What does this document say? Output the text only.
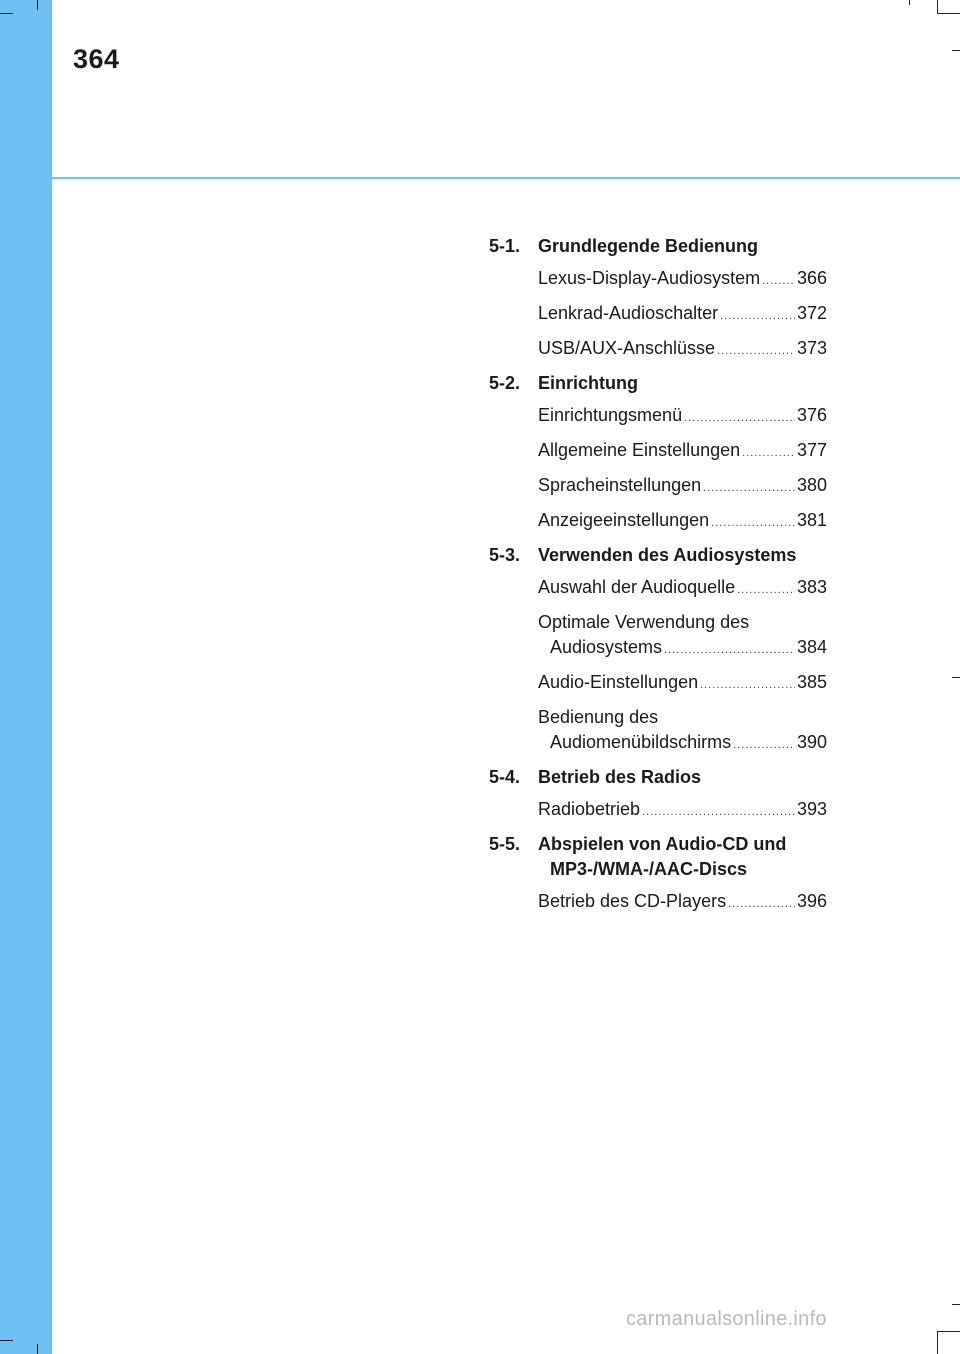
364
5-1. Grundlegende Bedienung
Lexus-Display-Audiosystem ..... 366
Lenkrad-Audioschalter .....	372
USB/AUX-Anschlüsse .....	373
5-2. Einrichtung
Einrichtungsmenü .....	376
Allgemeine Einstellungen .....	377
Spracheinstellungen .....	380
Anzeigeeinstellungen .....	381
5-3. Verwenden des Audiosystems
Auswahl der Audioquelle .....	383
Optimale Verwendung des
Audiosystems .....	384
Audio-Einstellungen .....	385
Bedienung des
Audiomenübildschirms .....	390
5-4. Betrieb des Radios
Radiobetrieb .....	393
5-5. Abspielen von Audio-CD und
MP3-/WMA-/AAC-Discs
Betrieb des CD-Players .....	396
carmanualsonline.info
